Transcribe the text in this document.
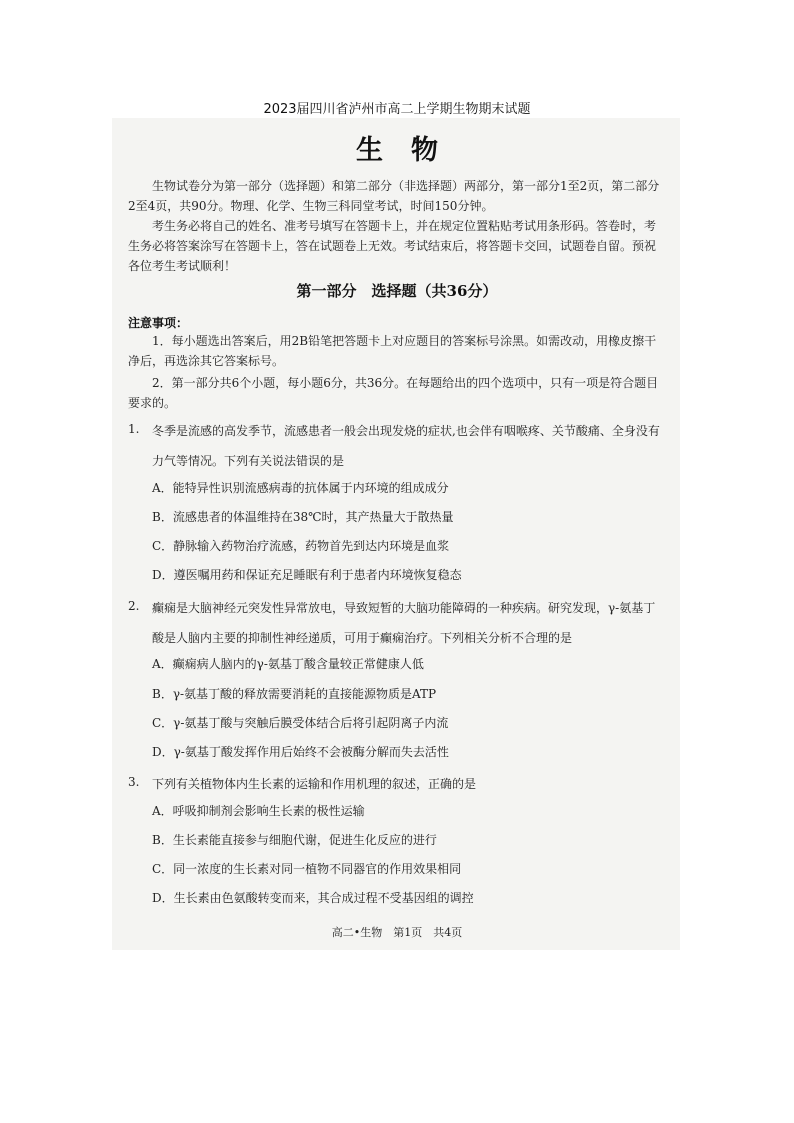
2023届四川省泸州市高二上学期生物期末试题
生物
生物试卷分为第一部分（选择题）和第二部分（非选择题）两部分，第一部分1至2页，第二部分2至4页，共90分。物理、化学、生物三科同堂考试，时间150分钟。
考生务必将自己的姓名、准考号填写在答题卡上，并在规定位置粘贴考试用条形码。答卷时，考生务必将答案涂写在答题卡上，答在试题卷上无效。考试结束后，将答题卡交回，试题卷自留。预祝各位考生考试顺利！
第一部分　选择题（共36分）
注意事项：
1．每小题选出答案后，用2B铅笔把答题卡上对应题目的答案标号涂黑。如需改动，用橡皮擦干净后，再选涂其它答案标号。
2．第一部分共6个小题，每小题6分，共36分。在每题给出的四个选项中，只有一项是符合题目要求的。
1. 冬季是流感的高发季节，流感患者一般会出现发烧的症状,也会伴有咽喉疼、关节酸痛、全身没有力气等情况。下列有关说法错误的是
A．能特异性识别流感病毒的抗体属于内环境的组成成分
B．流感患者的体温维持在38℃时，其产热量大于散热量
C．静脉输入药物治疗流感，药物首先到达内环境是血浆
D．遵医嘱用药和保证充足睡眠有利于患者内环境恢复稳态
2. 癫痫是大脑神经元突发性异常放电，导致短暂的大脑功能障碍的一种疾病。研究发现，γ-氨基丁酸是人脑内主要的抑制性神经递质，可用于癫痫治疗。下列相关分析不合理的是
A．癫痫病人脑内的γ-氨基丁酸含量较正常健康人低
B．γ-氨基丁酸的释放需要消耗的直接能源物质是ATP
C．γ-氨基丁酸与突触后膜受体结合后将引起阴离子内流
D．γ-氨基丁酸发挥作用后始终不会被酶分解而失去活性
3. 下列有关植物体内生长素的运输和作用机理的叙述，正确的是
A．呼吸抑制剂会影响生长素的极性运输
B．生长素能直接参与细胞代谢，促进生化反应的进行
C．同一浓度的生长素对同一植物不同器官的作用效果相同
D．生长素由色氨酸转变而来，其合成过程不受基因组的调控
高二•生物　第1页　共4页
